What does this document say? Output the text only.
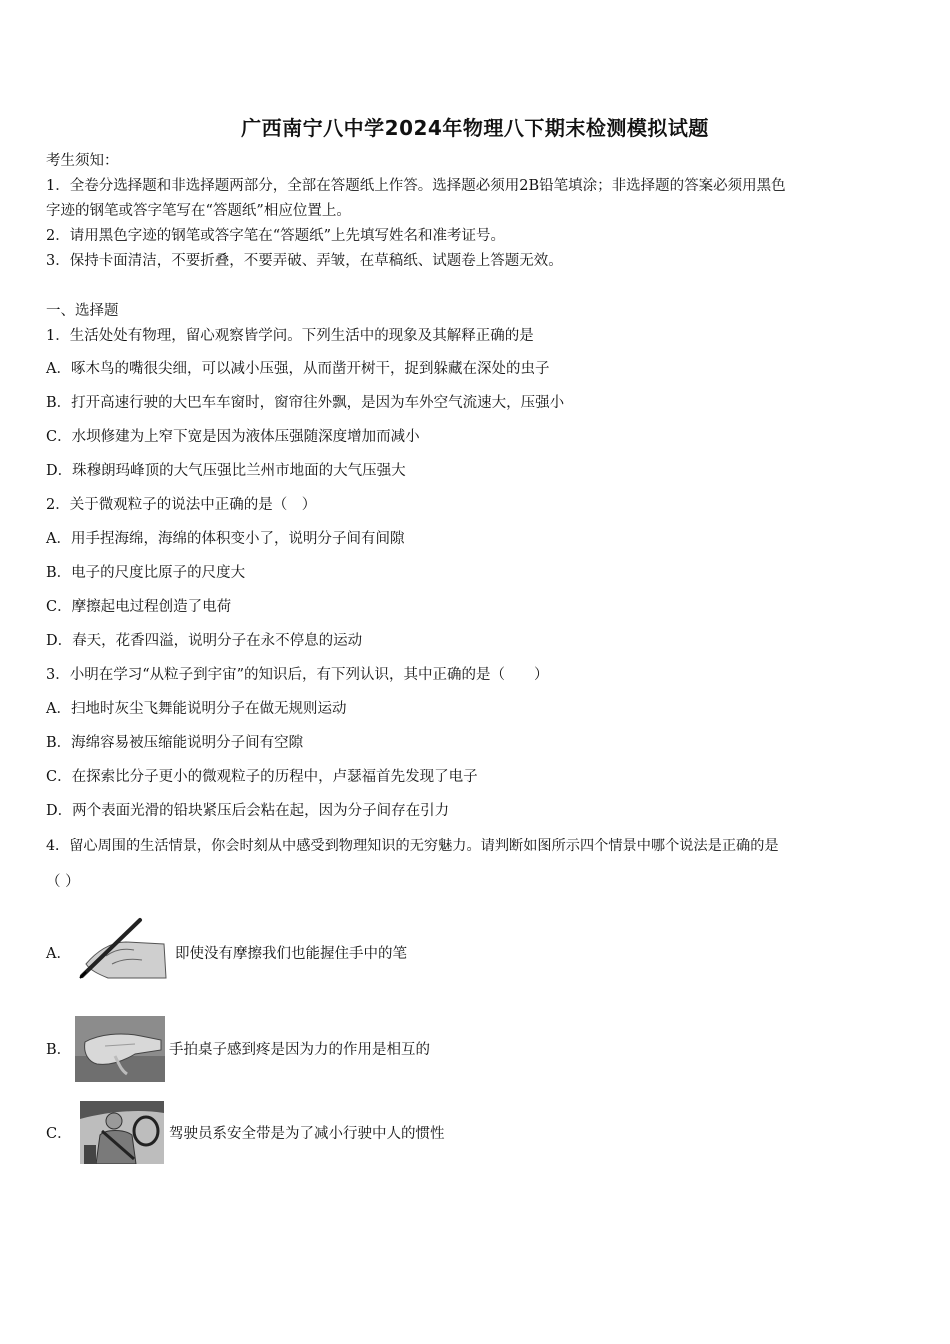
广西南宁八中学2024年物理八下期末检测模拟试题
考生须知：
1．全卷分选择题和非选择题两部分，全部在答题纸上作答。选择题必须用2B铅笔填涂；非选择题的答案必须用黑色
字迹的钢笔或答字笔写在“答题纸”相应位置上。
2．请用黑色字迹的钢笔或答字笔在“答题纸”上先填写姓名和准考证号。
3．保持卡面清洁，不要折叠，不要弄破、弄皱，在草稿纸、试题卷上答题无效。
一、选择题
1．生活处处有物理，留心观察皆学问。下列生活中的现象及其解释正确的是
A．啄木鸟的嘴很尖细，可以减小压强，从而凿开树干，捉到躲藏在深处的虫子
B．打开高速行驶的大巴车车窗时，窗帘往外飘，是因为车外空气流速大，压强小
C．水坝修建为上窄下宽是因为液体压强随深度增加而减小
D．珠穆朗玛峰顶的大气压强比兰州市地面的大气压强大
2．关于微观粒子的说法中正确的是（　）
A．用手捏海绵，海绵的体积变小了，说明分子间有间隙
B．电子的尺度比原子的尺度大
C．摩擦起电过程创造了电荷
D．春天，花香四溢，说明分子在永不停息的运动
3．小明在学习“从粒子到宇宙”的知识后，有下列认识，其中正确的是（　　）
A．扫地时灰尘飞舞能说明分子在做无规则运动
B．海绵容易被压缩能说明分子间有空隙
C．在探索比分子更小的微观粒子的历程中，卢瑟福首先发现了电子
D．两个表面光滑的铅块紧压后会粘在起，因为分子间存在引力
4．留心周围的生活情景，你会时刻从中感受到物理知识的无穷魅力。请判断如图所示四个情景中哪个说法是正确的是
（ ）
A．	即使没有摩擦我们也能握住手中的笔
B．	手拍桌子感到疼是因为力的作用是相互的
C．	驾驶员系安全带是为了减小行驶中人的惯性
